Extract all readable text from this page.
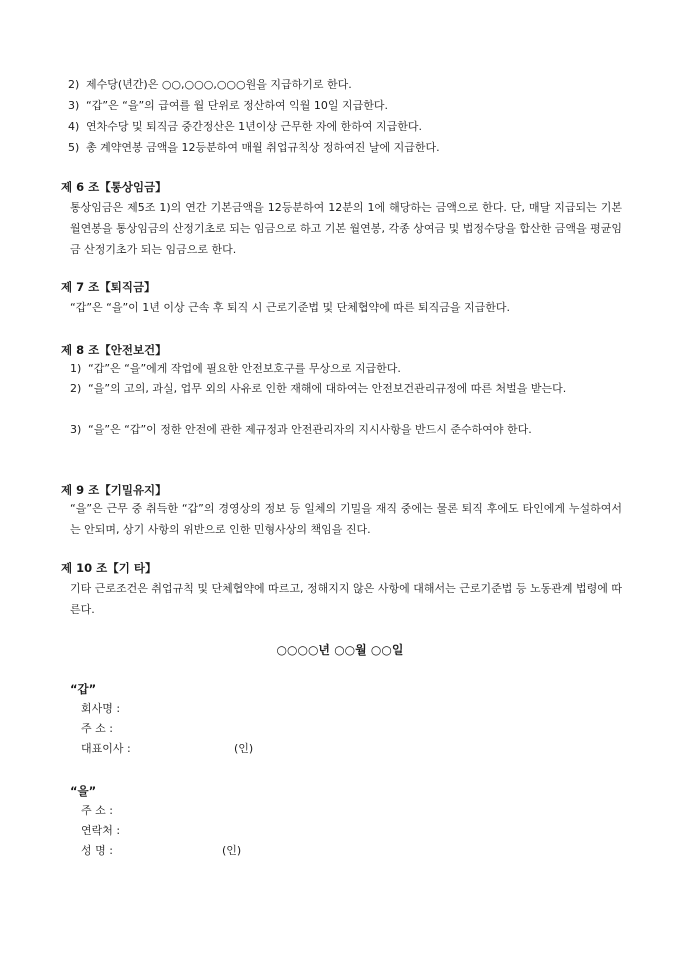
2) 제수당(년간)은 ○○,○○○,○○○원을 지급하기로 한다.
3) “갑”은 “을”의 급여를 월 단위로 정산하여 익월 10일 지급한다.
4) 연차수당 및 퇴직금 중간정산은 1년이상 근무한 자에 한하여 지급한다.
5) 총 계약연봉 금액을 12등분하여 매월 취업규칙상 정하여진 날에 지급한다.
제 6 조【통상임금】
통상임금은 제5조 1)의 연간 기본금액을 12등분하여 12분의 1에 해당하는 금액으로 한다. 단, 매달 지급되는 기본 월연봉을 통상임금의 산정기초로 되는 임금으로 하고 기본 월연봉, 각종 상여금 및 법정수당을 합산한 금액을 평균임금 산정기초가 되는 임금으로 한다.
제 7 조【퇴직금】
“갑”은 “을”이 1년 이상 근속 후 퇴직 시 근로기준법 및 단체협약에 따른 퇴직금을 지급한다.
제 8 조【안전보건】
1) “갑”은 “을”에게 작업에 필요한 안전보호구를 무상으로 지급한다.
2) “을”의 고의, 과실, 업무 외의 사유로 인한 재해에 대하여는 안전보건관리규정에 따른 처벌을 받는다.
3) “을”은 “갑”이 정한 안전에 관한 제규정과 안전관리자의 지시사항을 반드시 준수하여야 한다.
제 9 조【기밀유지】
“을”은 근무 중 취득한 “갑”의 경영상의 정보 등 일체의 기밀을 재직 중에는 물론 퇴직 후에도 타인에게 누설하여서는 안되며, 상기 사항의 위반으로 인한 민형사상의 책임을 진다.
제 10 조【기 타】
기타 근로조건은 취업규칙 및 단체협약에 따르고, 정해지지 않은 사항에 대해서는 근로기준법 등 노동관계 법령에 따른다.
○○○○년 ○○월 ○○일
“갑”
회사명 :
주 소 :
대표이사 :	(인)
“을”
주 소 :
연락처 :
성 명 :	(인)
